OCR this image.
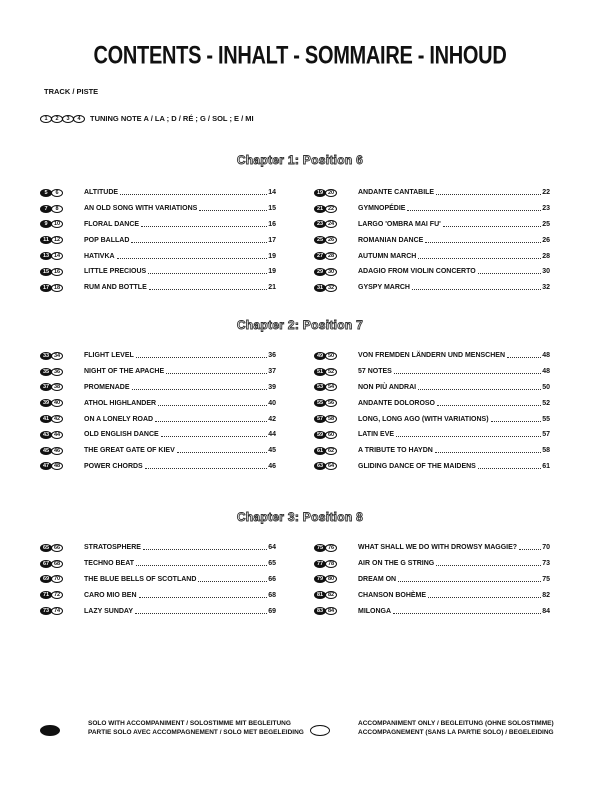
CONTENTS - INHALT - SOMMAIRE - INHOUD
TRACK / PISTE
1	2	3	4	TUNING NOTE A / LA ; D / RÉ ; G / SOL ; E / MI
Chapter 1: Position 6
5	6	ALTITUDE	14
7	8	AN OLD SONG WITH VARIATIONS	15
9	10	FLORAL DANCE	16
11 12	POP BALLAD	17
13 14	HATIVKA	19
15 16	LITTLE PRECIOUS	19
17 18	RUM AND BOTTLE	21
19 20	ANDANTE CANTABILE	22
21 22	GYMNOPÉDIE	23
23 24	LARGO 'OMBRA MAI FU'	25
25 26	ROMANIAN DANCE	26
27 28	AUTUMN MARCH	28
29 30	ADAGIO FROM VIOLIN CONCERTO	30
31 32	GYSPY MARCH	32
Chapter 2: Position 7
33 34	FLIGHT LEVEL	36
35 36	NIGHT OF THE APACHE	37
37 38	PROMENADE	39
39 40	ATHOL HIGHLANDER	40
41 42	ON A LONELY ROAD	42
43 44	OLD ENGLISH DANCE	44
45 46	THE GREAT GATE OF KIEV	45
47 48	POWER CHORDS	46
49 50	VON FREMDEN LÄNDERN UND MENSCHEN	48
51 52	57 NOTES	48
53 54	NON PIÙ ANDRAI	50
55 56	ANDANTE DOLOROSO	52
57 58	LONG, LONG AGO (WITH VARIATIONS)	55
59 60	LATIN EVE	57
61 62	A TRIBUTE TO HAYDN	58
63 64	GLIDING DANCE OF THE MAIDENS	61
Chapter 3: Position 8
65 66	STRATOSPHERE	64
67 68	TECHNO BEAT	65
69 70	THE BLUE BELLS OF SCOTLAND	66
71 72	CARO MIO BEN	68
73 74	LAZY SUNDAY	69
75 76	WHAT SHALL WE DO WITH DROWSY MAGGIE?	70
77 78	AIR ON THE G STRING	73
79 80	DREAM ON	75
81 82	CHANSON BOHÈME	82
83 84	MILONGA	84
SOLO WITH ACCOMPANIMENT / SOLOSTIMME MIT BEGLEITUNG
PARTIE SOLO AVEC ACCOMPAGNEMENT / SOLO MET BEGELEIDING
ACCOMPANIMENT ONLY / BEGLEITUNG (OHNE SOLOSTIMME)
ACCOMPAGNEMENT (SANS LA PARTIE SOLO) / BEGELEIDING
